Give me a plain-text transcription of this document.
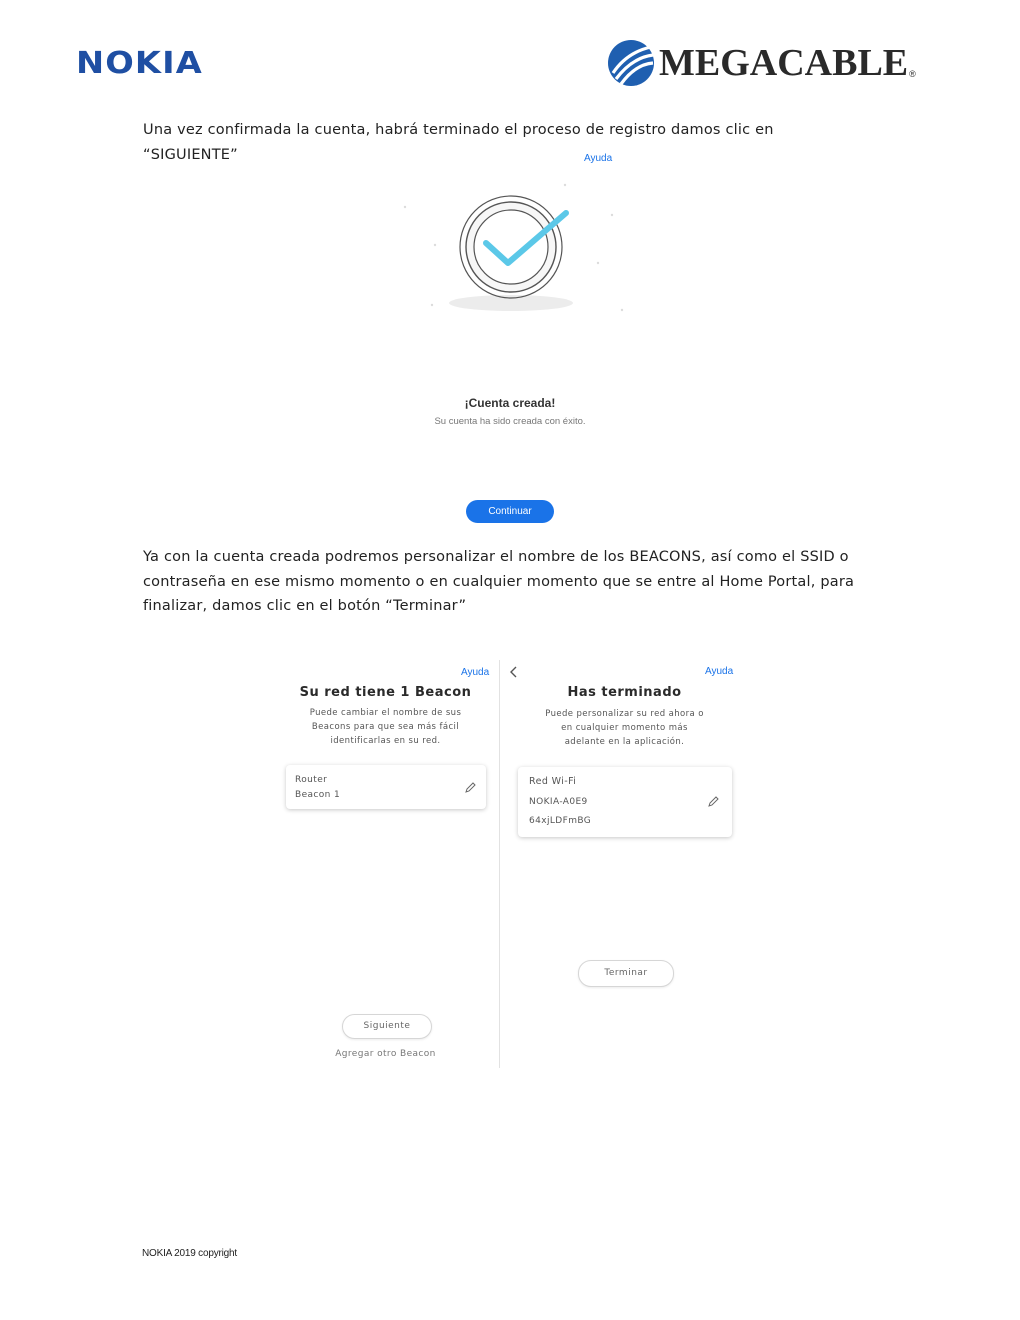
NOKIA	MEGACABLE ®
Una vez confirmada la cuenta, habrá terminado el proceso de registro damos clic en “SIGUIENTE”	Ayuda
¡Cuenta creada!
Su cuenta ha sido creada con éxito.
Continuar
Ya con la cuenta creada podremos personalizar el nombre de los BEACONS, así como el SSID o
contraseña en ese mismo momento o en cualquier momento que se entre al Home Portal, para
finalizar, damos clic en el botón “Terminar”
Ayuda
Su red tiene 1 Beacon
Puede cambiar el nombre de sus
Beacons para que sea más fácil
identificarlas en su red.
Router
Beacon 1
Siguiente
Agregar otro Beacon
Ayuda
Has terminado
Puede personalizar su red ahora o
en cualquier momento más
adelante en la aplicación.
Red Wi-Fi
NOKIA-A0E9
64xjLDFmBG
Terminar
NOKIA 2019 copyright
